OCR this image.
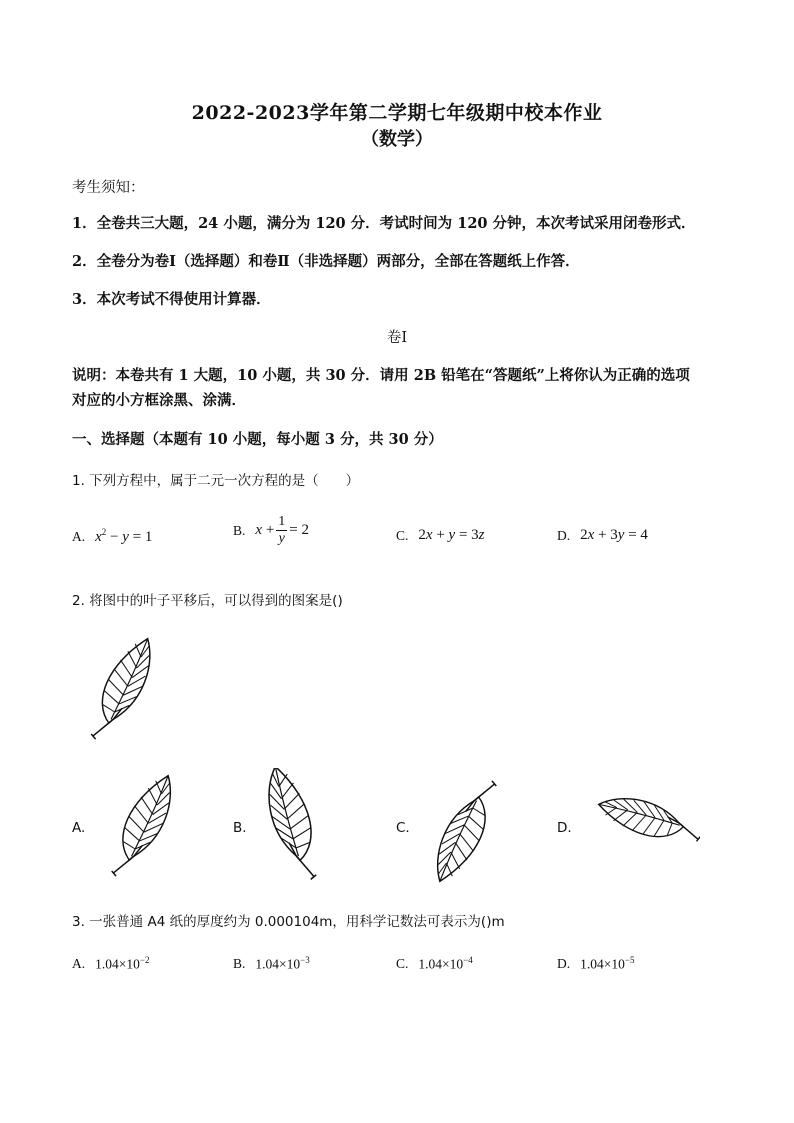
2022-2023学年第二学期七年级期中校本作业
（数学）
考生须知：
1．全卷共三大题，24 小题，满分为 120 分．考试时间为 120 分钟，本次考试采用闭卷形式．
2．全卷分为卷Ⅰ（选择题）和卷Ⅱ（非选择题）两部分，全部在答题纸上作答．
3．本次考试不得使用计算器．
卷Ⅰ
说明：本卷共有 1 大题，10 小题，共 30 分．请用 2B 铅笔在“答题纸”上将你认为正确的选项
对应的小方框涂黑、涂满．
一、选择题（本题有 10 小题，每小题 3 分，共 30 分）
1. 下列方程中，属于二元一次方程的是（　　）
A. $x^2 - y = 1$	B. $x + \frac{1}{y} = 2$	C. 2x + y = 3z	D. 2x + 3y = 4
2. 将图中的叶子平移后，可以得到的图案是()
A.	B.	C.	D.
3. 一张普通 A4 纸的厚度约为 0.000104m，用科学记数法可表示为()m
A. $1.04\times 10^{-2}$	B. $1.04\times 10^{-3}$	C. $1.04\times 10^{-4}$	D. $1.04\times 10^{-5}$
